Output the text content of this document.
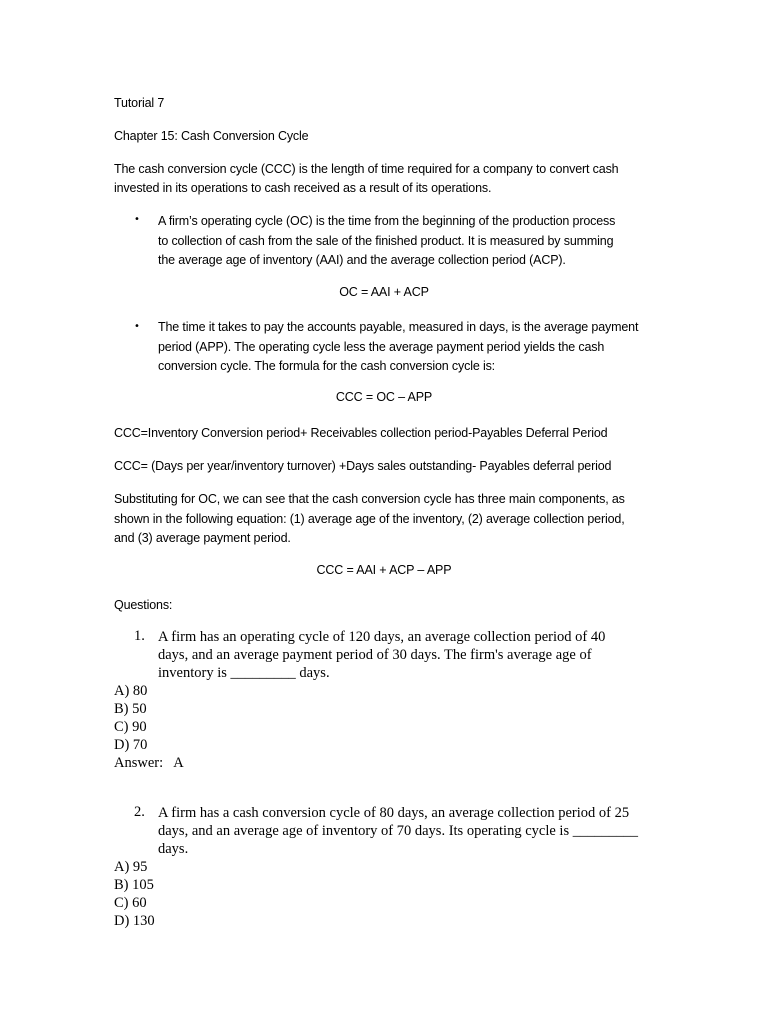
Tutorial 7
Chapter 15: Cash Conversion Cycle
The cash conversion cycle (CCC) is the length of time required for a company to convert cash
invested in its operations to cash received as a result of its operations.
• A firm’s operating cycle (OC) is the time from the beginning of the production process
to collection of cash from the sale of the finished product. It is measured by summing
the average age of inventory (AAI) and the average collection period (ACP).
OC = AAI + ACP
• The time it takes to pay the accounts payable, measured in days, is the average payment
period (APP). The operating cycle less the average payment period yields the cash
conversion cycle. The formula for the cash conversion cycle is:
CCC = OC – APP
CCC=Inventory Conversion period+ Receivables collection period-Payables Deferral Period
CCC= (Days per year/inventory turnover) +Days sales outstanding- Payables deferral period
Substituting for OC, we can see that the cash conversion cycle has three main components, as
shown in the following equation: (1) average age of the inventory, (2) average collection period,
and (3) average payment period.
CCC = AAI + ACP – APP
Questions:
1. A firm has an operating cycle of 120 days, an average collection period of 40
days, and an average payment period of 30 days. The firm's average age of
inventory is _________ days.
A) 80
B) 50
C) 90
D) 70
Answer:   A
2. A firm has a cash conversion cycle of 80 days, an average collection period of 25
days, and an average age of inventory of 70 days. Its operating cycle is _________
days.
A) 95
B) 105
C) 60
D) 130
